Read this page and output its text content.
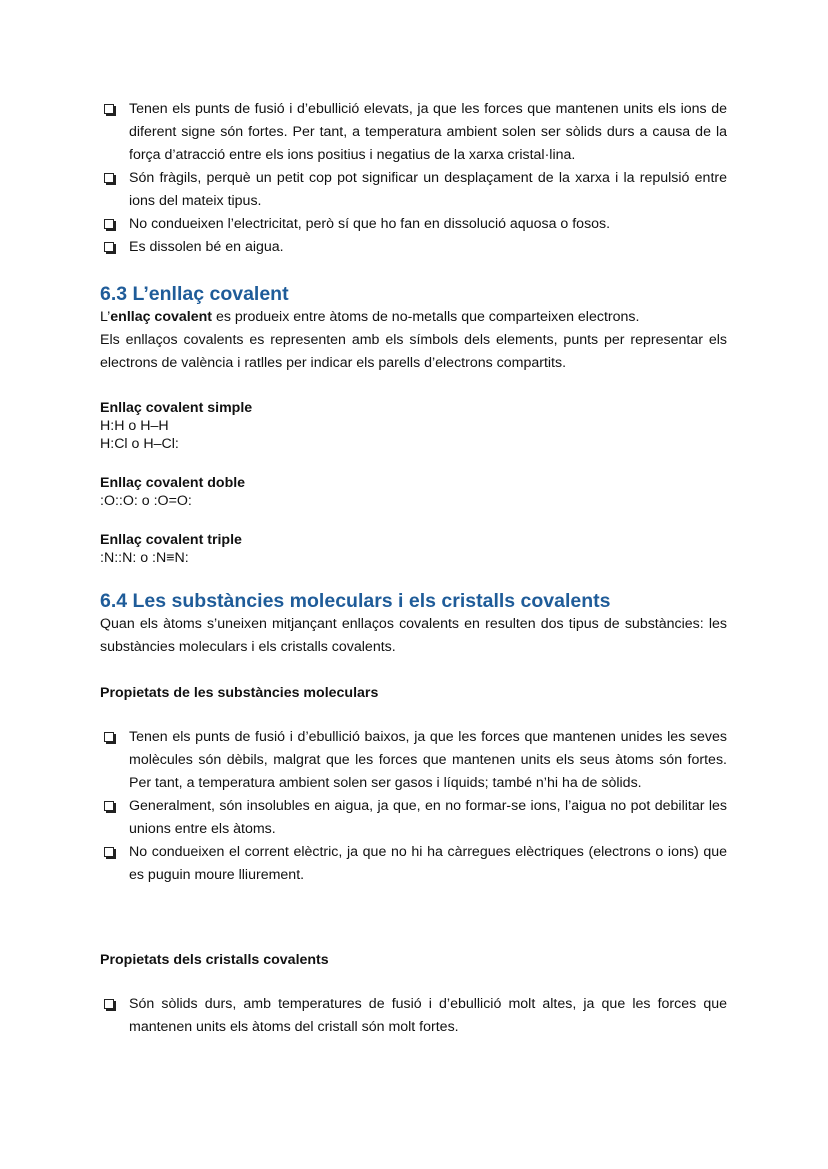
Tenen els punts de fusió i d’ebullició elevats, ja que les forces que mantenen units els ions de diferent signe són fortes. Per tant, a temperatura ambient solen ser sòlids durs a causa de la força d’atracció entre els ions positius i negatius de la xarxa cristal·lina.
Són fràgils, perquè un petit cop pot significar un desplaçament de la xarxa i la repulsió entre ions del mateix tipus.
No condueixen l’electricitat, però sí que ho fan en dissolució aquosa o fosos.
Es dissolen bé en aigua.
6.3 L’enllaç covalent

L’enllaç covalent es produeix entre àtoms de no-metalls que comparteixen electrons.

Els enllaços covalents es representen amb els símbols dels elements, punts per representar els electrons de valència i ratlles per indicar els parells d’electrons compartits.

Enllaç covalent simple
H:H o H–H
H:Cl o H–Cl:
Enllaç covalent doble
:O::O: o :O=O:
Enllaç covalent triple
:N::N: o :N≡N:
6.4 Les substàncies moleculars i els cristalls covalents

Quan els àtoms s’uneixen mitjançant enllaços covalents en resulten dos tipus de substàncies: les substàncies moleculars i els cristalls covalents.

Propietats de les substàncies moleculars
Tenen els punts de fusió i d’ebullició baixos, ja que les forces que mantenen unides les seves molècules són dèbils, malgrat que les forces que mantenen units els seus àtoms són fortes. Per tant, a temperatura ambient solen ser gasos i líquids; també n’hi ha de sòlids.
Generalment, són insolubles en aigua, ja que, en no formar-se ions, l’aigua no pot debilitar les unions entre els àtoms.
No condueixen el corrent elèctric, ja que no hi ha càrregues elèctriques (electrons o ions) que es puguin moure lliurement.
Propietats dels cristalls covalents
Són sòlids durs, amb temperatures de fusió i d’ebullició molt altes, ja que les forces que mantenen units els àtoms del cristall són molt fortes.
